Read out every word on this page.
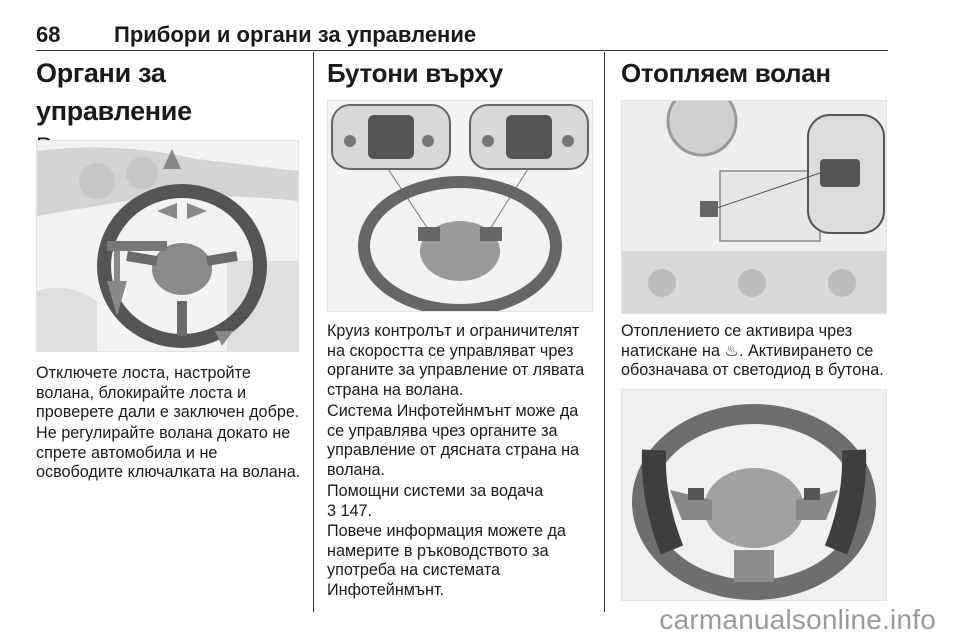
68 Прибори и органи за управление
Органи за управление

Отключете лоста, настройте волана, блокирайте лоста и проверете дали е заключен добре.

Не регулирайте волана докато не спрете автомобила и не освободите ключалката на волана.

Бутони върху

Круиз контролът и ограничителят на скоростта се управляват чрез органите за управление от лявата страна на волана.

Система Инфотейнмънт може да се управлява чрез органите за управление от дясната страна на волана.

Помощни системи за водача
3 147.

Повече информация можете да намерите в ръководството за употреба на системата Инфотейнмънт.

Отопляем волан

Отоплението се активира чрез натискане на ♨. Активирането се обозначава от светодиод в бутона.

carmanualsonline.info
